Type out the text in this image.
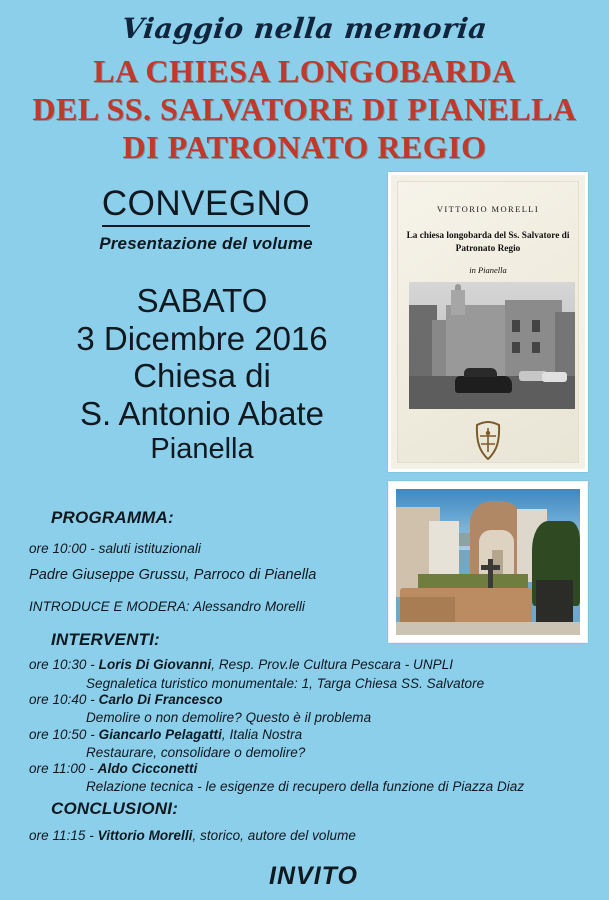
Viaggio nella memoria
LA CHIESA LONGOBARDA
DEL SS. SALVATORE DI PIANELLA
DI PATRONATO REGIO
CONVEGNO
Presentazione del volume
SABATO
3 Dicembre 2016
Chiesa di
S. Antonio Abate
Pianella
PROGRAMMA:
ore 10:00 - saluti istituzionali
Padre Giuseppe Grussu, Parroco di Pianella
INTRODUCE E MODERA: Alessandro Morelli
INTERVENTI:
ore 10:30 - Loris Di Giovanni, Resp. Prov.le Cultura Pescara - UNPLI
Segnaletica turistico monumentale: 1, Targa Chiesa SS. Salvatore
ore 10:40 - Carlo Di Francesco
Demolire o non demolire? Questo è il problema
ore 10:50 - Giancarlo Pelagatti, Italia Nostra
Restaurare, consolidare o demolire?
ore 11:00 - Aldo Cicconetti
Relazione tecnica - le esigenze di recupero della funzione di Piazza Diaz
CONCLUSIONI:
ore 11:15 - Vittorio Morelli, storico, autore del volume
INVITO
VITTORIO MORELLI
La chiesa longobarda del Ss. Salvatore di Patronato Regio
in Pianella
